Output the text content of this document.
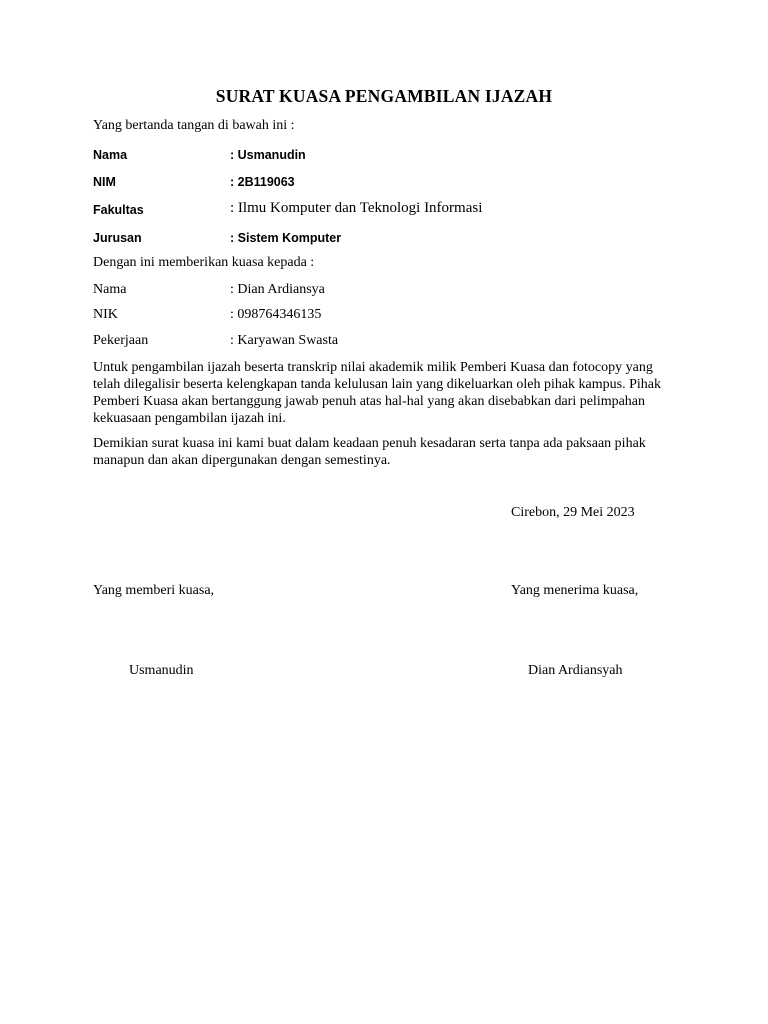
SURAT KUASA PENGAMBILAN IJAZAH
Yang bertanda tangan di bawah ini :
Nama	: Usmanudin
NIM	: 2B119063
Fakultas	: Ilmu Komputer dan Teknologi Informasi
Jurusan	: Sistem Komputer
Dengan ini memberikan kuasa kepada :
Nama	: Dian Ardiansya
NIK	: 098764346135
Pekerjaan	: Karyawan Swasta
Untuk pengambilan ijazah beserta transkrip nilai akademik milik Pemberi Kuasa dan fotocopy yang
telah dilegalisir beserta kelengkapan tanda kelulusan lain yang dikeluarkan oleh pihak kampus. Pihak
Pemberi Kuasa akan bertanggung jawab penuh atas hal-hal yang akan disebabkan dari pelimpahan
kekuasaan pengambilan ijazah ini.
Demikian surat kuasa ini kami buat dalam keadaan penuh kesadaran serta tanpa ada paksaan pihak
manapun dan akan dipergunakan dengan semestinya.
Cirebon, 29 Mei 2023
Yang memberi kuasa,	Yang menerima kuasa,
Usmanudin	Dian Ardiansyah
